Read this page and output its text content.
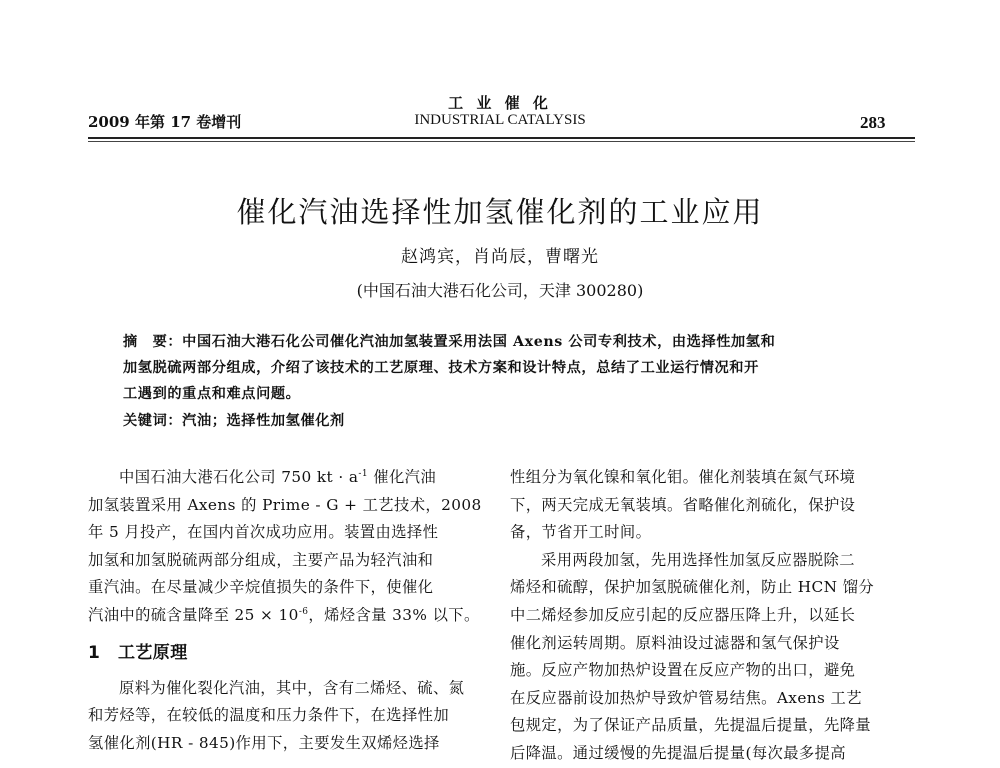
2009 年第 17 卷增刊
工 业 催 化
INDUSTRIAL CATALYSIS	283
催化汽油选择性加氢催化剂的工业应用
赵鸿宾，肖尚辰，曹曙光
(中国石油大港石化公司，天津 300280)
摘　要：中国石油大港石化公司催化汽油加氢装置采用法国 Axens 公司专利技术，由选择性加氢和
加氢脱硫两部分组成，介绍了该技术的工艺原理、技术方案和设计特点，总结了工业运行情况和开
工遇到的重点和难点问题。
关键词：汽油；选择性加氢催化剂
中国石油大港石化公司 750 kt · $a^{-1}$ 催化汽油
加氢装置采用 Axens 的 Prime - G + 工艺技术，2008
年 5 月投产，在国内首次成功应用。装置由选择性
加氢和加氢脱硫两部分组成，主要产品为轻汽油和
重汽油。在尽量减少辛烷值损失的条件下，使催化
汽油中的硫含量降至 $25 \times 10^{-6}$，烯烃含量 33% 以下。
1 工艺原理
原料为催化裂化汽油，其中，含有二烯烃、硫、氮
和芳烃等，在较低的温度和压力条件下，在选择性加
氢催化剂(HR - 845)作用下，主要发生双烯烃选择
性组分为氧化镍和氧化钼。催化剂装填在氮气环境
下，两天完成无氧装填。省略催化剂硫化，保护设
备，节省开工时间。
采用两段加氢，先用选择性加氢反应器脱除二
烯烃和硫醇，保护加氢脱硫催化剂，防止 HCN 馏分
中二烯烃参加反应引起的反应器压降上升，以延长
催化剂运转周期。原料油设过滤器和氢气保护设
施。反应产物加热炉设置在反应产物的出口，避免
在反应器前设加热炉导致炉管易结焦。Axens 工艺
包规定，为了保证产品质量，先提温后提量，先降量
后降温。通过缓慢的先提温后提量(每次最多提高
